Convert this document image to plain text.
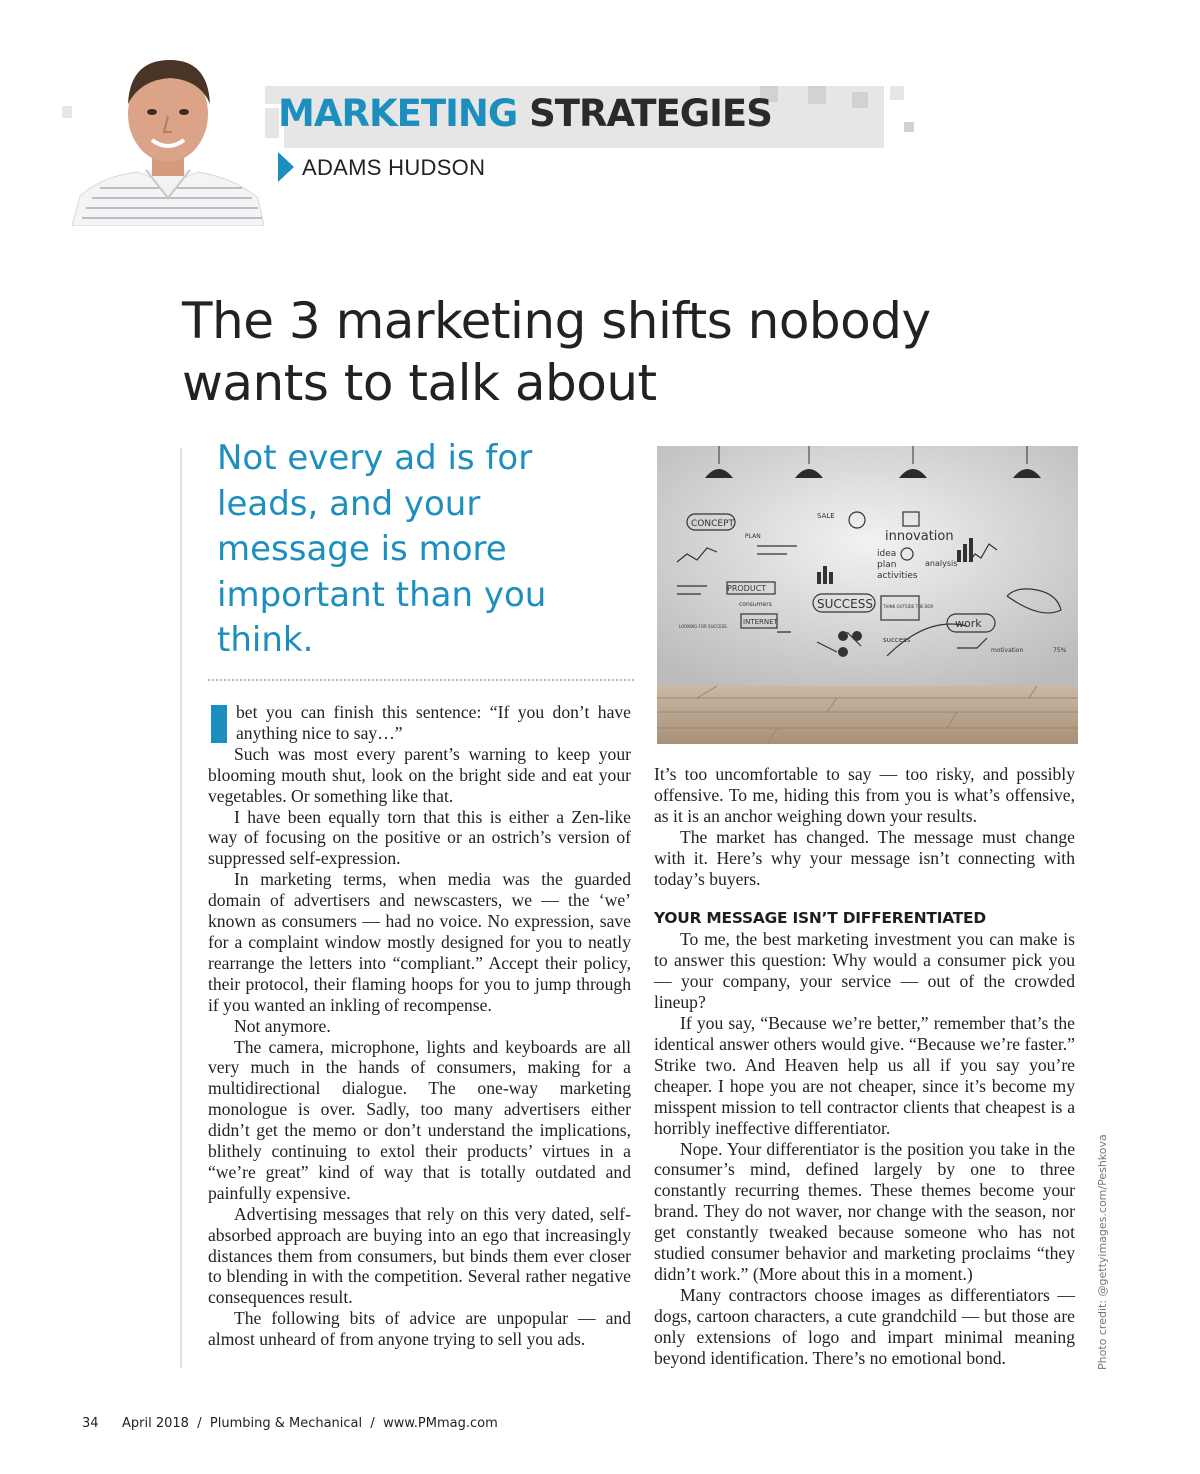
MARKETING STRATEGIES
ADAMS HUDSON
The 3 marketing shifts nobody
wants to talk about
Not every ad is for leads, and your message is more important than you think.
CONCEPT
innovation
idea
plan
activities
analysis
PRODUCT
consumers	SUCCESS	THINK OUTSIDE THE BOX
work
INTERNET
motivation
success
SALE
PLAN
75%
LOOKING FOR SUCCESS

bet you can finish this sentence: “If you don’t have anything nice to say…”

Such was most every parent’s warning to keep your blooming mouth shut, look on the bright side and eat your vegetables. Or something like that.

I have been equally torn that this is either a Zen-like way of focusing on the positive or an ostrich’s version of suppressed self-expression.

In marketing terms, when media was the guarded domain of advertisers and newscasters, we — the ‘we’ known as consumers — had no voice. No expression, save for a complaint window mostly designed for you to neatly rearrange the letters into “compliant.” Accept their policy, their protocol, their flaming hoops for you to jump through if you wanted an inkling of recompense.

Not anymore.

The camera, microphone, lights and keyboards are all very much in the hands of consumers, making for a multidirectional dialogue. The one-way marketing monologue is over. Sadly, too many advertisers either didn’t get the memo or don’t understand the implications, blithely continuing to extol their products’ virtues in a “we’re great” kind of way that is totally outdated and painfully expensive.

Advertising messages that rely on this very dated, self-absorbed approach are buying into an ego that increasingly distances them from consumers, but binds them ever closer to blending in with the competition. Several rather negative consequences result.

The following bits of advice are unpopular — and almost unheard of from anyone trying to sell you ads.

It’s too uncomfortable to say — too risky, and possibly offensive. To me, hiding this from you is what’s offensive, as it is an anchor weighing down your results.

The market has changed. The message must change with it. Here’s why your message isn’t connecting with today’s buyers.

YOUR MESSAGE ISN’T DIFFERENTIATED

To me, the best marketing investment you can make is to answer this question: Why would a consumer pick you — your company, your service — out of the crowded lineup?

If you say, “Because we’re better,” remember that’s the identical answer others would give. “Because we’re faster.” Strike two. And Heaven help us all if you say you’re cheaper. I hope you are not cheaper, since it’s become my misspent mission to tell contractor clients that cheapest is a horribly ineffective differentiator.

Nope. Your differentiator is the position you take in the consumer’s mind, defined largely by one to three constantly recurring themes. These themes become your brand. They do not waver, nor change with the season, nor get constantly tweaked because someone who has not studied consumer behavior and marketing proclaims “they didn’t work.” (More about this in a moment.)

Many contractors choose images as differentiators — dogs, cartoon characters, a cute grandchild — but those are only extensions of logo and impart minimal meaning beyond identification. There’s no emotional bond.	Photo credit: @gettyimages.com/Peshkova
34 April 2018  /  Plumbing & Mechanical  /  www.PMmag.com
